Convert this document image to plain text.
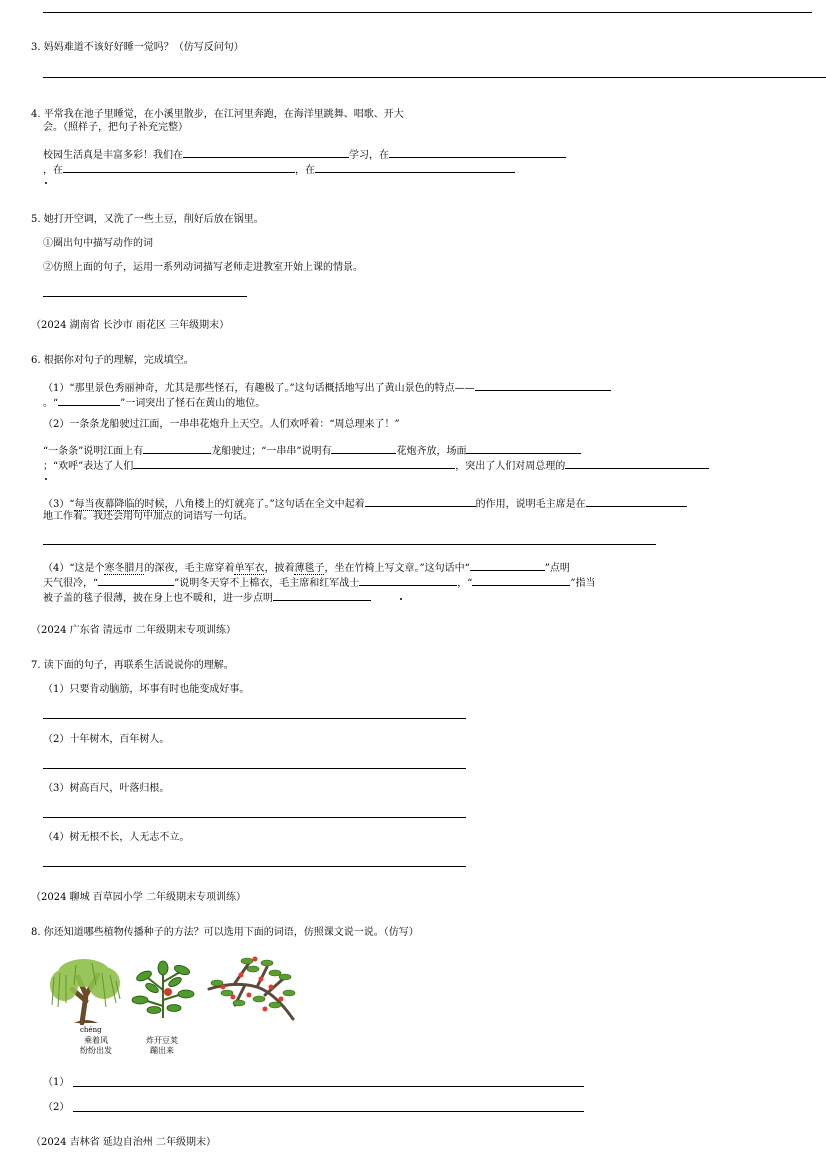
3. 妈妈难道不该好好睡一觉吗？（仿写反问句）
4. 平常我在池子里睡觉，在小溪里散步，在江河里奔跑，在海洋里跳舞、唱歌、开大
会。（照样子，把句子补充完整）
校园生活真是丰富多彩！我们在	学习，在
，在	，在
5. 她打开空调，又洗了一些土豆，削好后放在锅里。
①圈出句中描写动作的词
②仿照上面的句子，运用一系列动词描写老师走进教室开始上课的情景。
（2024 湖南省 长沙市 雨花区 三年级期末）
6. 根据你对句子的理解，完成填空。
（1）“那里景色秀丽神奇，尤其是那些怪石，有趣极了。”这句话概括地写出了黄山景色的特点——
。“	”一词突出了怪石在黄山的地位。
（2）一条条龙船驶过江面，一串串花炮升上天空。人们欢呼着：“周总理来了！”
“一条条”说明江面上有	龙船驶过；“一串串”说明有	花炮齐放，场面
；“欢呼”表达了人们	，突出了人们对周总理的
（3）“每当夜幕降临的时候，八角楼上的灯就亮了。”这句话在全文中起着	的作用，说明毛主席是在
地工作着。我还会用句中加点的词语写一句话。
（4）“这是个寒冬腊月的深夜，毛主席穿着单军衣，披着薄毯子，坐在竹椅上写文章。”这句话中“	”点明
天气很冷，“	”说明冬天穿不上棉衣，毛主席和红军战士	，“	”指当
被子盖的毯子很薄，披在身上也不暖和，进一步点明
（2024 广东省 清远市 二年级期末专项训练）
7. 读下面的句子，再联系生活说说你的理解。
（1）只要肯动脑筋，坏事有时也能变成好事。
（2）十年树木，百年树人。
（3）树高百尺，叶落归根。
（4）树无根不长，人无志不立。
（2024 聊城 百草园小学 二年级期末专项训练）
8. 你还知道哪些植物传播种子的方法？可以选用下面的词语，仿照课文说一说。（仿写）
chéng
乘着风
纷纷出发
炸开豆荚
蹦出来
（1）
（2）
（2024 吉林省 延边自治州 二年级期末）
